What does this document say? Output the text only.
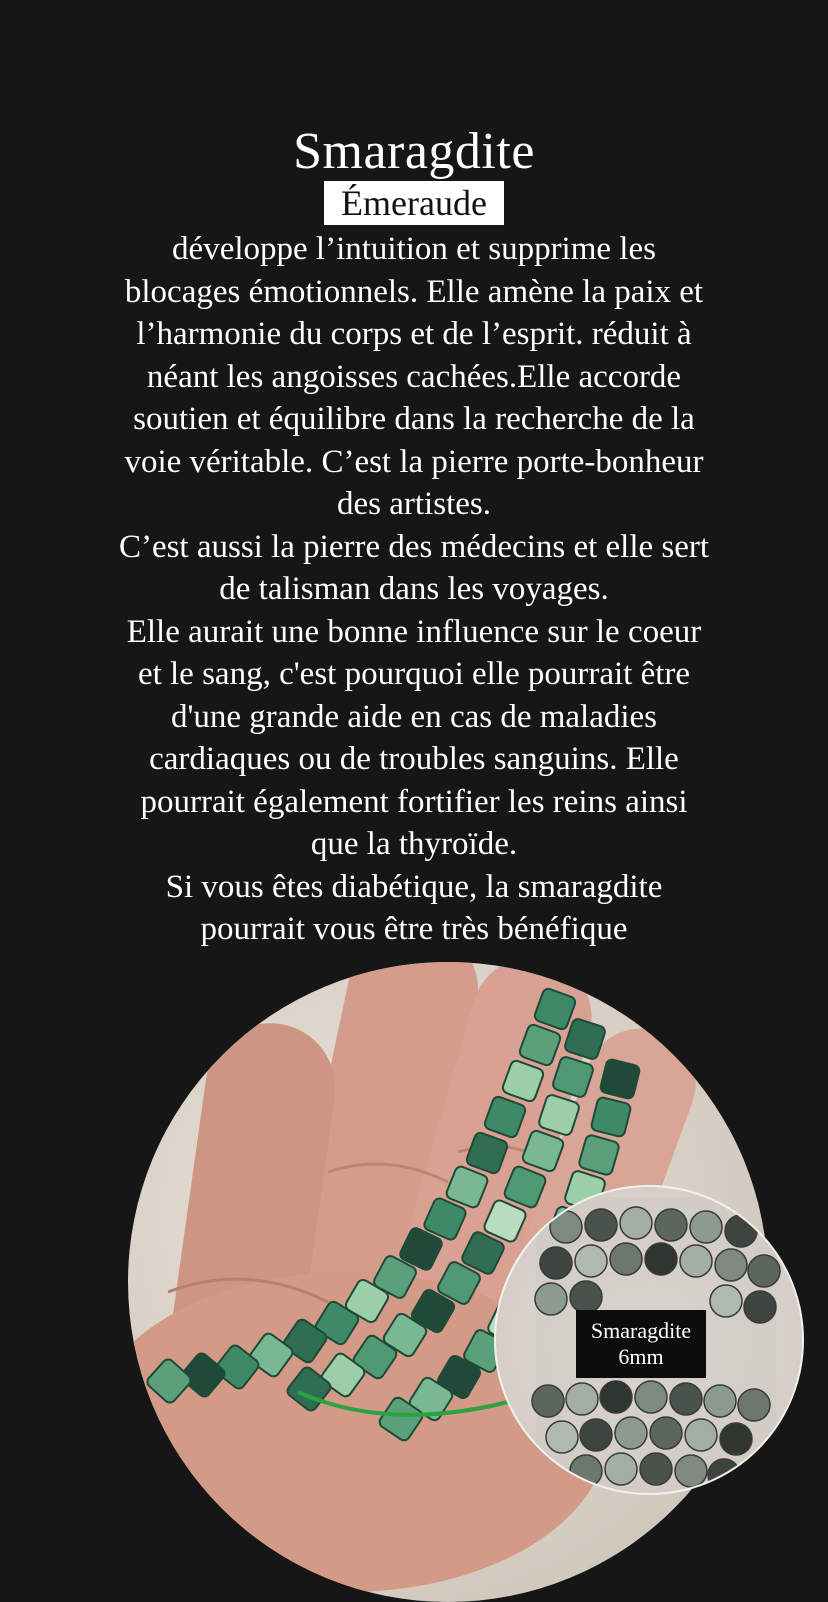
Smaragdite
Émeraude
développe l’intuition et supprime les
blocages émotionnels. Elle amène la paix et
l’harmonie du corps et de l’esprit. réduit à
néant les angoisses cachées.Elle accorde
soutien et équilibre dans la recherche de la
voie véritable. C’est la pierre porte-bonheur
des artistes.
C’est aussi la pierre des médecins et elle sert
de talisman dans les voyages.
Elle aurait une bonne influence sur le coeur
et le sang, c'est pourquoi elle pourrait être
d'une grande aide en cas de maladies
cardiaques ou de troubles sanguins. Elle
pourrait également fortifier les reins ainsi
que la thyroïde.
Si vous êtes diabétique, la smaragdite
pourrait vous être très bénéfique
Smaragdite
6mm
